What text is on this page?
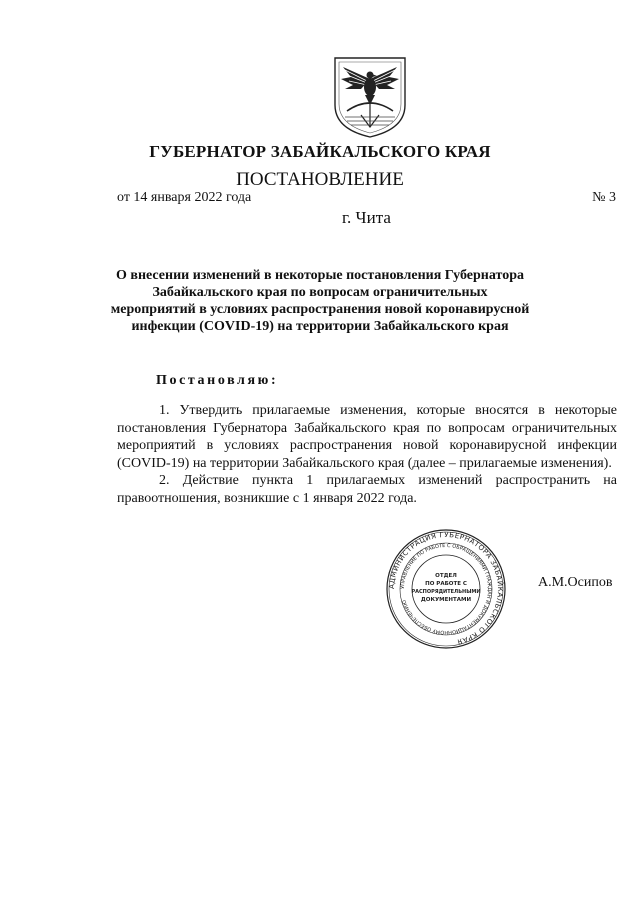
ГУБЕРНАТОР ЗАБАЙКАЛЬСКОГО КРАЯ
ПОСТАНОВЛЕНИЕ
от 14 января 2022 года	№ 3
г. Чита
О внесении изменений в некоторые постановления Губернатора Забайкальского края по вопросам ограничительных мероприятий в условиях распространения новой коронавирусной инфекции (COVID-19) на территории Забайкальского края
Постановляю:

1. Утвердить прилагаемые изменения, которые вносятся в некоторые постановления Губернатора Забайкальского края по вопросам ограничительных мероприятий в условиях распространения новой коронавирусной инфекции (COVID-19) на территории Забайкальского края (далее – прилагаемые изменения).

2. Действие пункта 1 прилагаемых изменений распространить на правоотношения, возникшие с 1 января 2022 года.

АДМИНИСТРАЦИЯ ГУБЕРНАТОРА ЗАБАЙКАЛЬСКОГО КРАЯ
УПРАВЛЕНИЕ ПО РАБОТЕ С ОБРАЩЕНИЯМИ ГРАЖДАН И ДОКУМЕНТАЦИОННОМУ ОБЕСПЕЧЕНИЮ
ОТДЕЛ
ПО РАБОТЕ С
РАСПОРЯДИТЕЛЬНЫМИ
ДОКУМЕНТАМИ
А.М.Осипов
